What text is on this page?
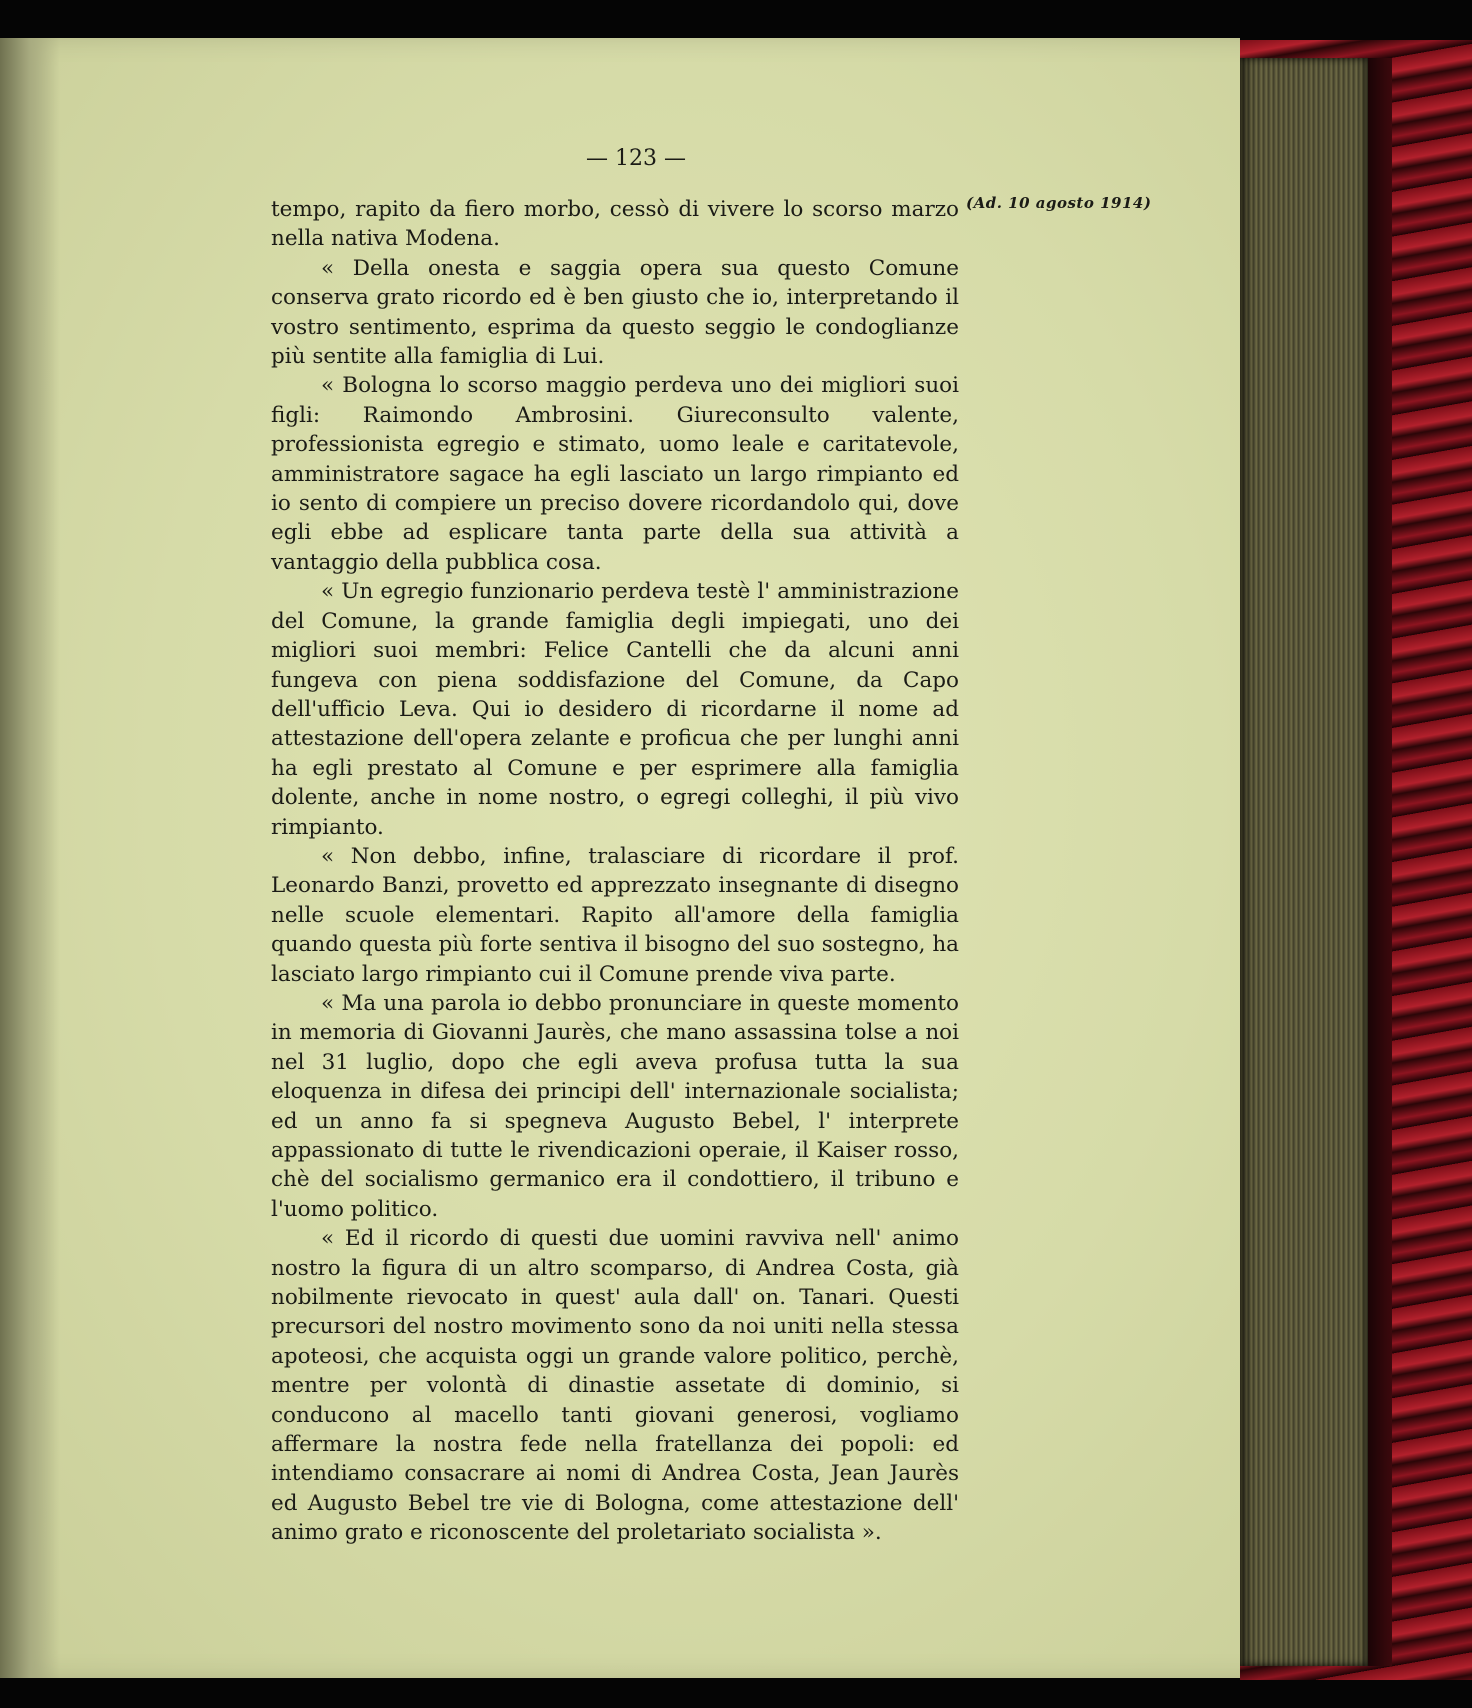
— 123 —
(Ad. 10 agosto 1914)

tempo, rapito da fiero morbo, cessò di vivere lo scorso marzo nella nativa Modena.

« Della onesta e saggia opera sua questo Comune conserva grato ricordo ed è ben giusto che io, interpretando il vostro sentimento, esprima da questo seggio le condoglianze più sentite alla famiglia di Lui.

« Bologna lo scorso maggio perdeva uno dei migliori suoi figli: Raimondo Ambrosini. Giureconsulto valente, professionista egregio e stimato, uomo leale e caritatevole, amministratore sagace ha egli lasciato un largo rimpianto ed io sento di compiere un preciso dovere ricordandolo qui, dove egli ebbe ad esplicare tanta parte della sua attività a vantaggio della pubblica cosa.

« Un egregio funzionario perdeva testè l' amministrazione del Comune, la grande famiglia degli impiegati, uno dei migliori suoi membri: Felice Cantelli che da alcuni anni fungeva con piena soddisfazione del Comune, da Capo dell'ufficio Leva. Qui io desidero di ricordarne il nome ad attestazione dell'opera zelante e proficua che per lunghi anni ha egli prestato al Comune e per esprimere alla famiglia dolente, anche in nome nostro, o egregi colleghi, il più vivo rimpianto.

« Non debbo, infine, tralasciare di ricordare il prof. Leonardo Banzi, provetto ed apprezzato insegnante di disegno nelle scuole elementari. Rapito all'amore della famiglia quando questa più forte sentiva il bisogno del suo sostegno, ha lasciato largo rimpianto cui il Comune prende viva parte.

« Ma una parola io debbo pronunciare in queste momento in memoria di Giovanni Jaurès, che mano assassina tolse a noi nel 31 luglio, dopo che egli aveva profusa tutta la sua eloquenza in difesa dei principi dell' internazionale socialista; ed un anno fa si spegneva Augusto Bebel, l' interprete appassionato di tutte le rivendicazioni operaie, il Kaiser rosso, chè del socialismo germanico era il condottiero, il tribuno e l'uomo politico.

« Ed il ricordo di questi due uomini ravviva nell' animo nostro la figura di un altro scomparso, di Andrea Costa, già nobilmente rievocato in quest' aula dall' on. Tanari. Questi precursori del nostro movimento sono da noi uniti nella stessa apoteosi, che acquista oggi un grande valore politico, perchè, mentre per volontà di dinastie assetate di dominio, si conducono al macello tanti giovani generosi, vogliamo affermare la nostra fede nella fratellanza dei popoli: ed intendiamo consacrare ai nomi di Andrea Costa, Jean Jaurès ed Augusto Bebel tre vie di Bologna, come attestazione dell' animo grato e riconoscente del proletariato socialista ».
